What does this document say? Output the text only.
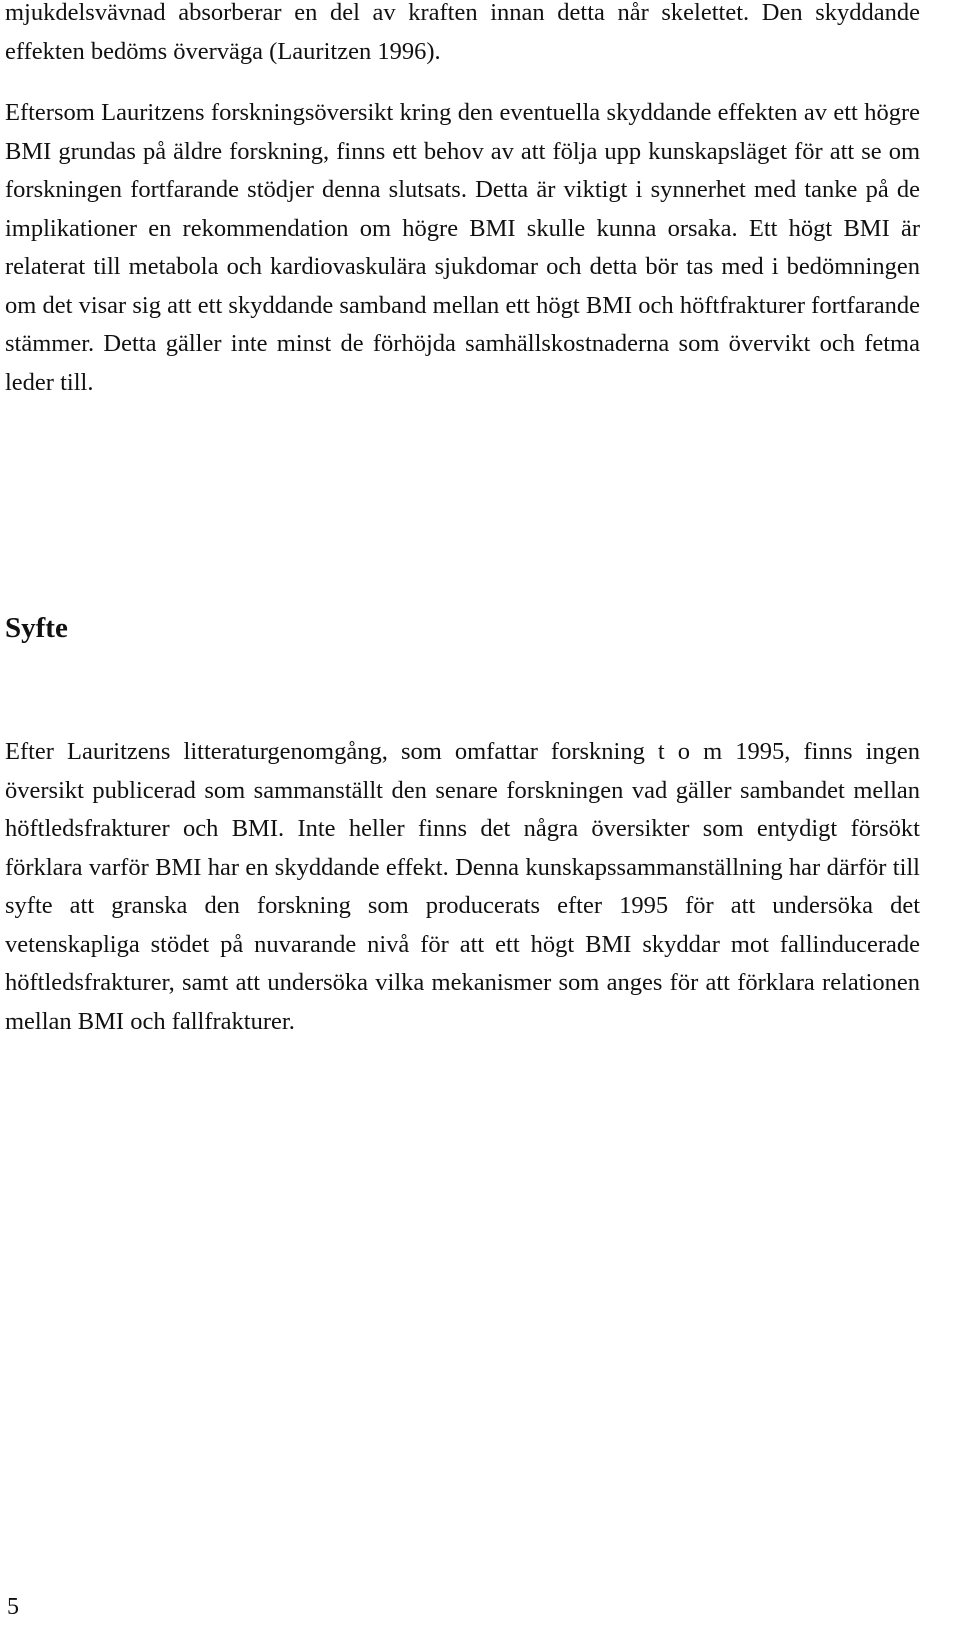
mjukdelsvävnad absorberar en del av kraften innan detta når skelettet. Den skyddande effekten bedöms överväga (Lauritzen 1996).

Eftersom Lauritzens forskningsöversikt kring den eventuella skyddande effekten av ett högre BMI grundas på äldre forskning, finns ett behov av att följa upp kunskapsläget för att se om forskningen fortfarande stödjer denna slutsats. Detta är viktigt i synnerhet med tanke på de implikationer en rekommendation om högre BMI skulle kunna orsaka. Ett högt BMI är relaterat till metabola och kardiovaskulära sjukdomar och detta bör tas med i bedömningen om det visar sig att ett skyddande samband mellan ett högt BMI och höftfrakturer fortfarande stämmer. Detta gäller inte minst de förhöjda samhällskostnaderna som övervikt och fetma leder till.

Syfte

Efter Lauritzens litteraturgenomgång, som omfattar forskning t o m 1995, finns ingen översikt publicerad som sammanställt den senare forskningen vad gäller sambandet mellan höftledsfrakturer och BMI. Inte heller finns det några översikter som entydigt försökt förklara varför BMI har en skyddande effekt. Denna kunskapssammanställning har därför till syfte att granska den forskning som producerats efter 1995 för att undersöka det vetenskapliga stödet på nuvarande nivå för att ett högt BMI skyddar mot fallinducerade höftledsfrakturer, samt att undersöka vilka mekanismer som anges för att förklara relationen mellan BMI och fallfrakturer.

5
